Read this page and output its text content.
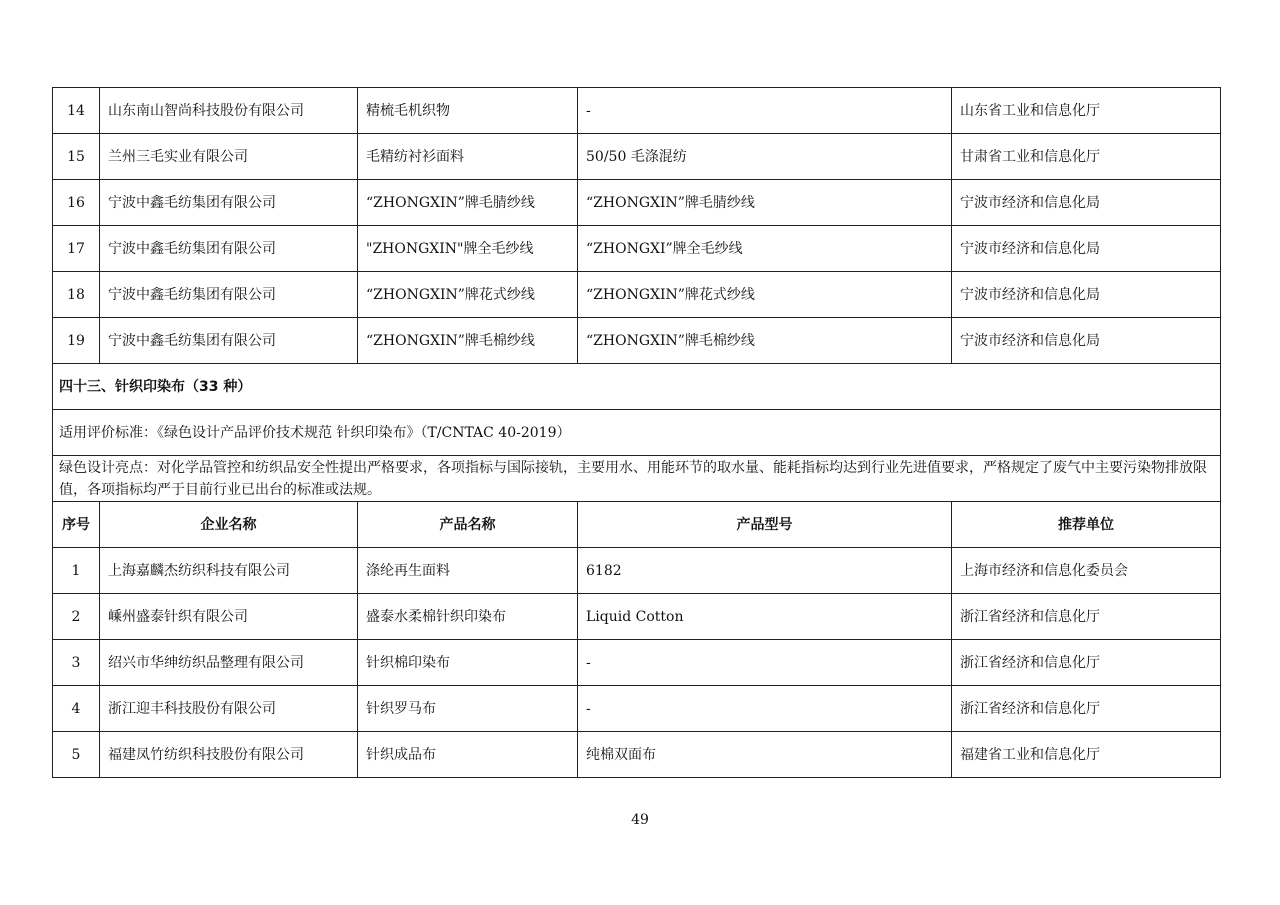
14	山东南山智尚科技股份有限公司	精梳毛机织物	-	山东省工业和信息化厅
15	兰州三毛实业有限公司	毛精纺衬衫面料	50/50 毛涤混纺	甘肃省工业和信息化厅
16	宁波中鑫毛纺集团有限公司	“ZHONGXIN”牌毛腈纱线	“ZHONGXIN”牌毛腈纱线	宁波市经济和信息化局
17	宁波中鑫毛纺集团有限公司	"ZHONGXIN"牌全毛纱线	“ZHONGXI”牌全毛纱线	宁波市经济和信息化局
18	宁波中鑫毛纺集团有限公司	“ZHONGXIN”牌花式纱线	“ZHONGXIN”牌花式纱线	宁波市经济和信息化局
19	宁波中鑫毛纺集团有限公司	“ZHONGXIN”牌毛棉纱线	“ZHONGXIN”牌毛棉纱线	宁波市经济和信息化局
四十三、针织印染布（33 种）				
适用评价标准：《绿色设计产品评价技术规范 针织印染布》（T/CNTAC 40-2019）				
绿色设计亮点：对化学品管控和纺织品安全性提出严格要求，各项指标与国际接轨，主要用水、用能环节的取水量、能耗指标均达到行业先进值要求，严格规定了废气中主要污染物排放限值，各项指标均严于目前行业已出台的标准或法规。				
序号	企业名称	产品名称	产品型号	推荐单位
1	上海嘉麟杰纺织科技有限公司	涤纶再生面料	6182	上海市经济和信息化委员会
2	嵊州盛泰针织有限公司	盛泰水柔棉针织印染布	Liquid Cotton	浙江省经济和信息化厅
3	绍兴市华绅纺织品整理有限公司	针织棉印染布	-	浙江省经济和信息化厅
4	浙江迎丰科技股份有限公司	针织罗马布	-	浙江省经济和信息化厅
5	福建凤竹纺织科技股份有限公司	针织成品布	纯棉双面布	福建省工业和信息化厅
49
